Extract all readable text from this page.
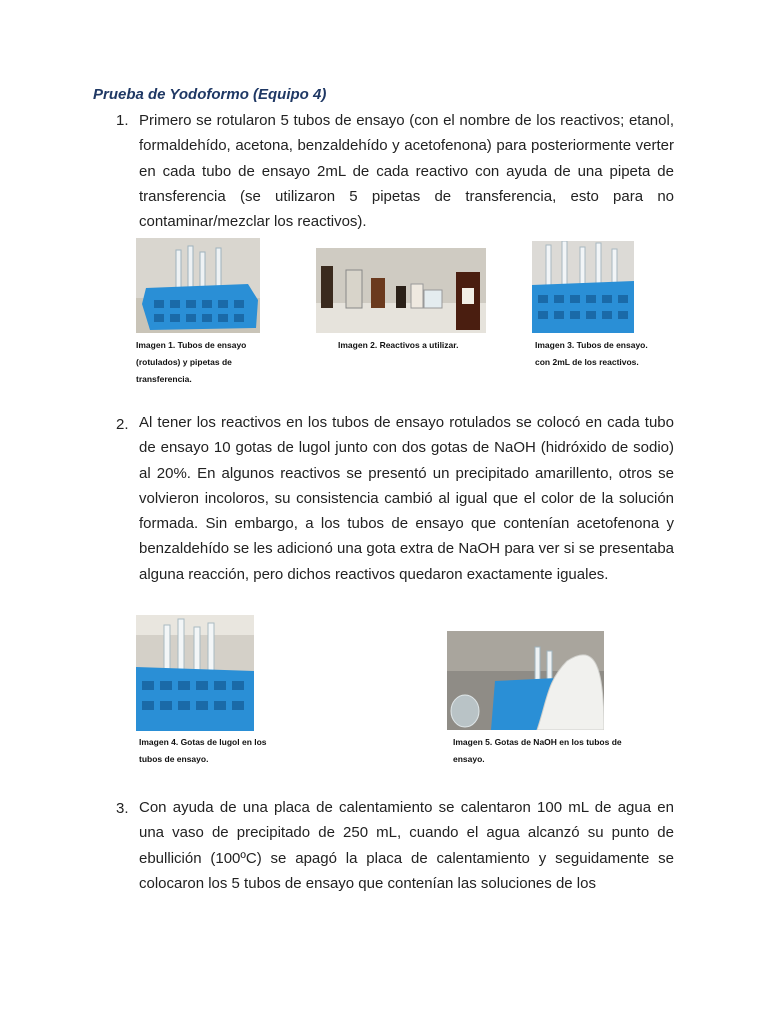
Prueba de Yodoformo (Equipo 4)
1. Primero se rotularon 5 tubos de ensayo (con el nombre de los reactivos; etanol, formaldehído, acetona, benzaldehído y acetofenona) para posteriormente verter en cada tubo de ensayo 2mL de cada reactivo con ayuda de una pipeta de transferencia (se utilizaron 5 pipetas de transferencia, esto para no contaminar/mezclar los reactivos).
Imagen 1. Tubos de ensayo (rotulados) y pipetas de transferencia.
Imagen 2. Reactivos a utilizar.	Imagen 3. Tubos de ensayo. con 2mL de los reactivos.
2. Al tener los reactivos en los tubos de ensayo rotulados se colocó en cada tubo de ensayo 10 gotas de lugol junto con dos gotas de NaOH (hidróxido de sodio) al 20%. En algunos reactivos se presentó un precipitado amarillento, otros se volvieron incoloros, su consistencia cambió al igual que el color de la solución formada. Sin embargo, a los tubos de ensayo que contenían acetofenona y benzaldehído se les adicionó una gota extra de NaOH para ver si se presentaba alguna reacción, pero dichos reactivos quedaron exactamente iguales.
Imagen 4. Gotas de lugol en los tubos de ensayo.
Imagen 5. Gotas de NaOH en los tubos de ensayo.
3. Con ayuda de una placa de calentamiento se calentaron 100 mL de agua en una vaso de precipitado de 250 mL, cuando el agua alcanzó su punto de ebullición (100ºC) se apagó la placa de calentamiento y seguidamente se colocaron los 5 tubos de ensayo que contenían las soluciones de los
